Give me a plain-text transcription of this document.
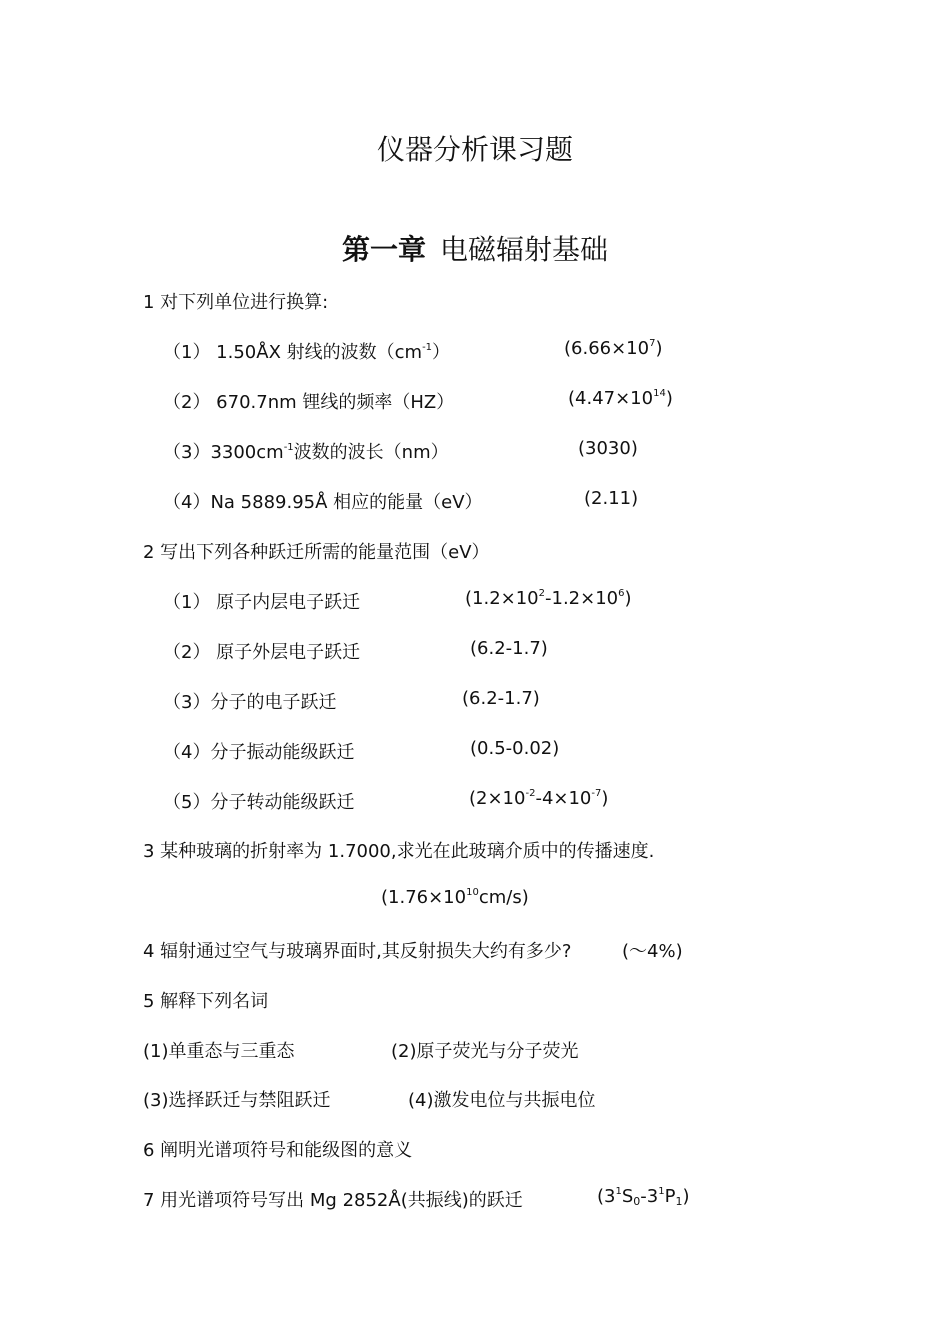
仪器分析课习题
第一章 电磁辐射基础
1 对下列单位进行换算:
（1） 1.50ÅX 射线的波数$(cm^{-1})$	$(6.66\times 10^7)$
（2） 670.7nm 锂线的频率（HZ）	$(4.47\times 10^{14})$
$(3)3300cm^{-1}$波数的波长（nm）	(3030)
（4）Na 5889.95Å 相应的能量（eV）	(2.11)
2 写出下列各种跃迁所需的能量范围（eV）
（1） 原子内层电子跃迁	$(1.2\times 10^2-1.2\times 10^6)$
（2） 原子外层电子跃迁	(6.2-1.7)
（3）分子的电子跃迁	(6.2-1.7)
（4）分子振动能级跃迁	(0.5-0.02)
（5）分子转动能级跃迁	$(2\times 10^{-2}-4\times 10^{-7})$
3 某种玻璃的折射率为 1.7000,求光在此玻璃介质中的传播速度.
$(1.76\times 10^{10}cm/s)$
4 辐射通过空气与玻璃界面时,其反射损失大约有多少?	(～4%)
5 解释下列名词
(1)单重态与三重态	(2)原子荧光与分子荧光
(3)选择跃迁与禁阻跃迁	(4)激发电位与共振电位
6 阐明光谱项符号和能级图的意义
7 用光谱项符号写出 Mg 2852Å(共振线)的跃迁	$(3^1S_0-3^1P_1)$
